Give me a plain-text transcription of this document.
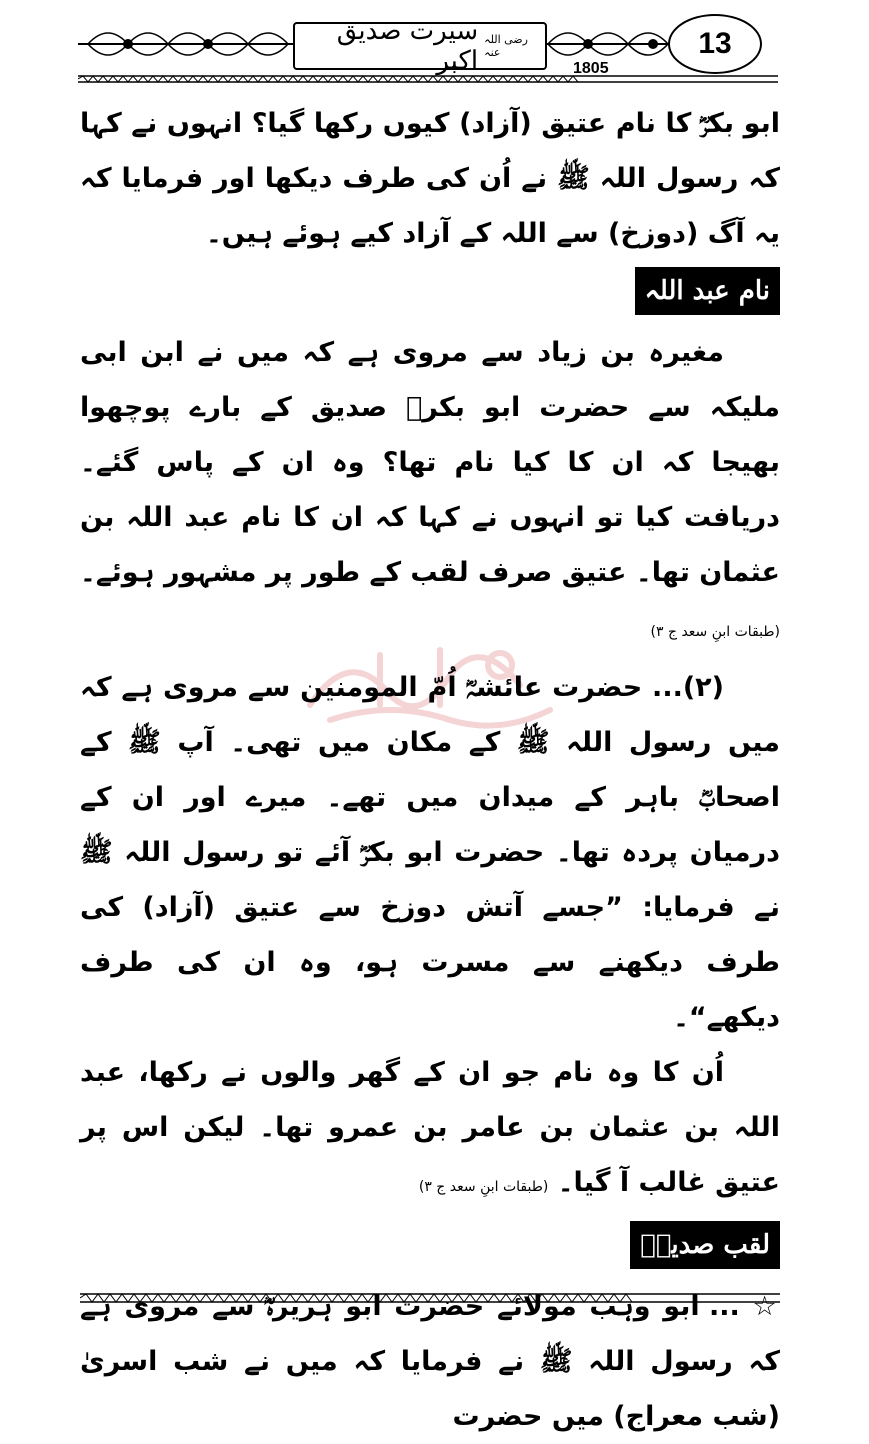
سیرت صدیق اکبر
رضی اللہ عنہ	13
1805

ابو بکرؓ کا نام عتیق (آزاد) کیوں رکھا گیا؟ انہوں نے کہا کہ رسول اللہ ﷺ نے اُن کی طرف دیکھا اور فرمایا کہ یہ آگ (دوزخ) سے اللہ کے آزاد کیے ہوئے ہیں۔

نام عبد اللہ

مغیرہ بن زیاد سے مروی ہے کہ میں نے ابن ابی ملیکہ سے حضرت ابو بکرؓ صدیق کے بارے پوچھوا بھیجا کہ ان کا کیا نام تھا؟ وہ ان کے پاس گئے۔ دریافت کیا تو انہوں نے کہا کہ ان کا نام عبد اللہ بن عثمان تھا۔ عتیق صرف لقب کے طور پر مشہور ہوئے۔ (طبقات ابنِ سعد ج ۳)

(۲)... حضرت عائشہؓ اُمّ المومنین سے مروی ہے کہ میں رسول اللہ ﷺ کے مکان میں تھی۔ آپ ﷺ کے اصحابؓ باہر کے میدان میں تھے۔ میرے اور ان کے درمیان پردہ تھا۔ حضرت ابو بکرؓ آئے تو رسول اللہ ﷺ نے فرمایا: ”جسے آتش دوزخ سے عتیق (آزاد) کی طرف دیکھنے سے مسرت ہو، وہ ان کی طرف دیکھے“۔

اُن کا وہ نام جو ان کے گھر والوں نے رکھا، عبد اللہ بن عثمان بن عامر بن عمرو تھا۔ لیکن اس پر عتیق غالب آ گیا۔ (طبقات ابنِ سعد ج ۳)

لقب صدیقؓ

☆ ... ابو وہب مولائے حضرت ابو ہریرہؓ سے مروی ہے کہ رسول اللہ ﷺ نے فرمایا کہ میں نے شب اسریٰ (شب معراج) میں حضرت
